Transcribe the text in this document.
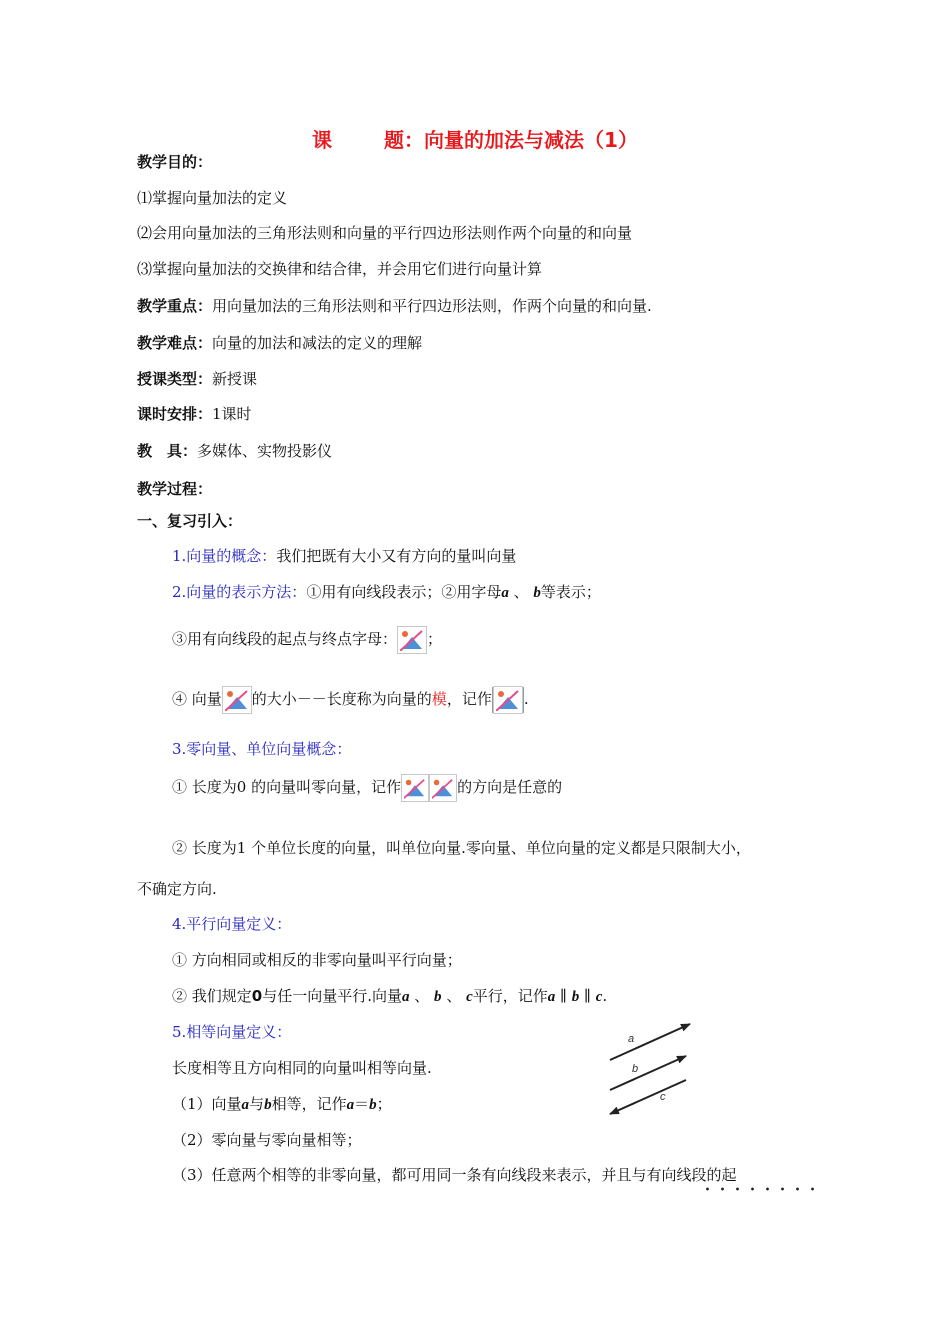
课	题：向量的加法与减法（1）
教学目的：
⑴掌握向量加法的定义
⑵会用向量加法的三角形法则和向量的平行四边形法则作两个向量的和向量
⑶掌握向量加法的交换律和结合律，并会用它们进行向量计算
教学重点：用向量加法的三角形法则和平行四边形法则，作两个向量的和向量.
教学难点：向量的加法和减法的定义的理解
授课类型：新授课
课时安排：1课时
教　具：多媒体、实物投影仪
教学过程：
一、复习引入：
1.向量的概念：我们把既有大小又有方向的量叫向量
2.向量的表示方法：①用有向线段表示；②用字母a 、 b等表示；
③用有向线段的起点与终点字母： ；
④ 向量 的大小－－长度称为向量的模，记作 .
3.零向量、单位向量概念：
① 长度为0 的向量叫零向量，记作	的方向是任意的
② 长度为1 个单位长度的向量，叫单位向量.零向量、单位向量的定义都是只限制大小，
不确定方向.
4.平行向量定义：
① 方向相同或相反的非零向量叫平行向量；
② 我们规定0与任一向量平行.向量a 、 b 、 c平行，记作a ∥ b ∥ c.
5.相等向量定义：
长度相等且方向相同的向量叫相等向量.
（1）向量a与b相等，记作a＝b；
（2）零向量与零向量相等；
（3）任意两个相等的非零向量，都可用同一条有向线段来表示，并且与有向线段的起
a
b
c
